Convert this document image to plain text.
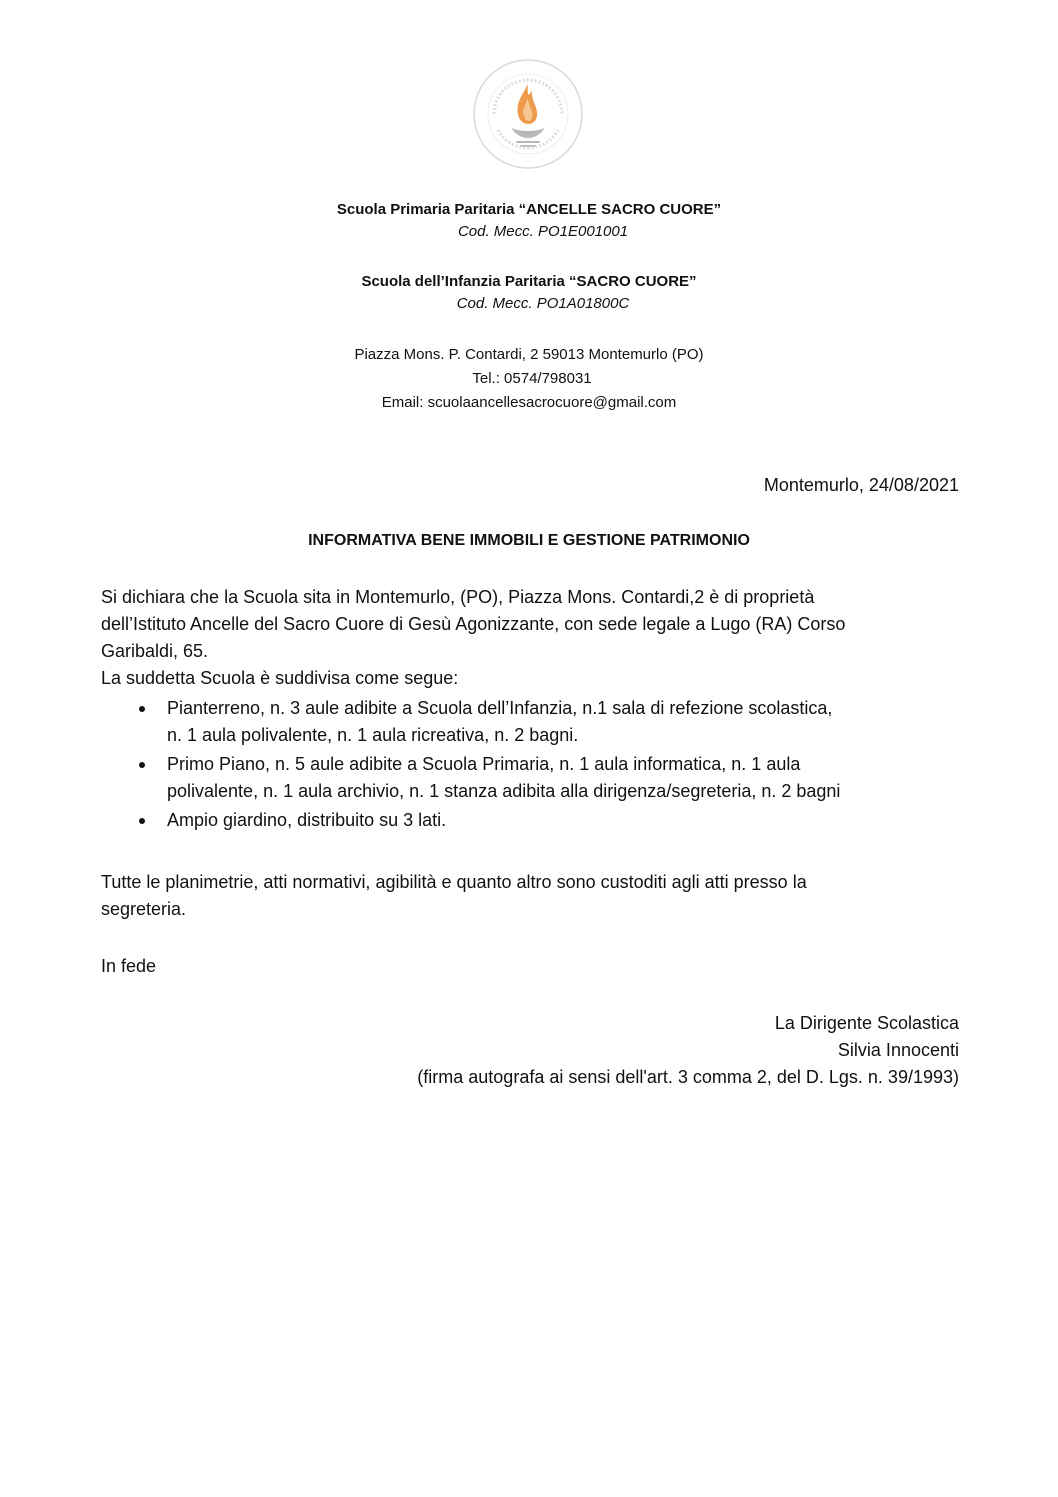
Scuola Primaria Paritaria “ANCELLE SACRO CUORE”
Cod. Mecc. PO1E001001
Scuola dell’Infanzia Paritaria “SACRO CUORE”
Cod. Mecc. PO1A01800C
Piazza Mons. P. Contardi, 2 59013 Montemurlo (PO)
Tel.: 0574/798031
Email: scuolaancellesacrocuore@gmail.com
Montemurlo, 24/08/2021
INFORMATIVA BENE IMMOBILI E GESTIONE PATRIMONIO
Si dichiara che la Scuola sita in Montemurlo, (PO), Piazza Mons. Contardi,2 è di proprietà
dell’Istituto Ancelle del Sacro Cuore di Gesù Agonizzante, con sede legale a Lugo (RA) Corso
Garibaldi, 65.
La suddetta Scuola è suddivisa come segue:
Pianterreno, n. 3 aule adibite a Scuola dell’Infanzia, n.1 sala di refezione scolastica,
n. 1 aula polivalente, n. 1 aula ricreativa, n. 2 bagni.
Primo Piano, n. 5 aule adibite a Scuola Primaria, n. 1 aula informatica, n. 1 aula
polivalente, n. 1 aula archivio, n. 1 stanza adibita alla dirigenza/segreteria, n. 2 bagni
Ampio giardino, distribuito su 3 lati.
Tutte le planimetrie, atti normativi, agibilità e quanto altro sono custoditi agli atti presso la
segreteria.
In fede
La Dirigente Scolastica
Silvia Innocenti
(firma autografa ai sensi dell'art. 3 comma 2, del D. Lgs. n. 39/1993)
